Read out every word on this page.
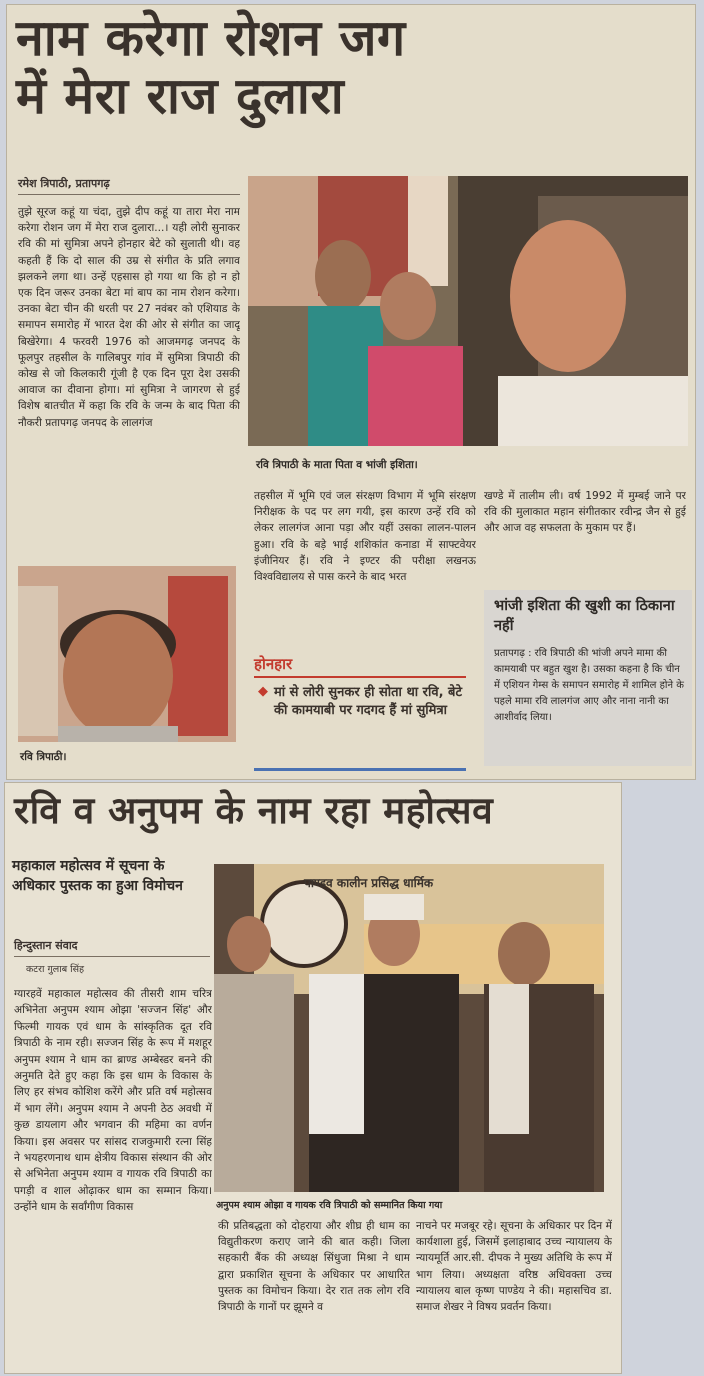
नाम करेगा रोशन जग
में मेरा राज दुलारा
रमेश त्रिपाठी, प्रतापगढ़
तुझे सूरज कहूं या चंदा, तुझे दीप कहूं या तारा मेरा नाम करेगा रोशन जग में मेरा राज दुलारा...। यही लोरी सुनाकर रवि की मां सुमित्रा अपने होनहार बेटे को सुलाती थी। वह कहती हैं कि दो साल की उम्र से संगीत के प्रति लगाव झलकने लगा था। उन्हें एहसास हो गया था कि हो न हो एक दिन जरूर उनका बेटा मां बाप का नाम रोशन करेगा। उनका बेटा चीन की धरती पर 27 नवंबर को एशियाड के समापन समारोह में भारत देश की ओर से संगीत का जादू बिखेरेगा। 4 फरवरी 1976 को आजमगढ़ जनपद के फूलपुर तहसील के गालिबपुर गांव में सुमित्रा त्रिपाठी की कोख से जो किलकारी गूंजी है एक दिन पूरा देश उसकी आवाज का दीवाना होगा। मां सुमित्रा ने जागरण से हुई विशेष बातचीत में कहा कि रवि के जन्म के बाद पिता की नौकरी प्रतापगढ़ जनपद के लालगंज
रवि त्रिपाठी के माता पिता व भांजी इशिता।
तहसील में भूमि एवं जल संरक्षण विभाग में भूमि संरक्षण निरीक्षक के पद पर लग गयी, इस कारण उन्हें रवि को लेकर लालगंज आना पड़ा और यहीं उसका लालन-पालन हुआ। रवि के बड़े भाई शशिकांत कनाडा में साफ्टवेयर इंजीनियर हैं। रवि ने इण्टर की परीक्षा लखनऊ विश्वविद्यालय से पास करने के बाद भरत
खण्डे में तालीम ली। वर्ष 1992 में मुम्बई जाने पर रवि की मुलाकात महान संगीतकार रवीन्द्र जैन से हुई और आज वह सफलता के मुकाम पर हैं।
रवि त्रिपाठी।
होनहार
◆ मां से लोरी सुनकर ही सोता था रवि, बेटे की कामयाबी पर गदगद हैं मां सुमित्रा
भांजी इशिता की खुशी का ठिकाना नहीं
प्रतापगढ़ : रवि त्रिपाठी की भांजी अपने मामा की कामयाबी पर बहुत खुश है। उसका कहना है कि चीन में एशियन गेम्स के समापन समारोह में शामिल होने के पहले मामा रवि लालगंज आए और नाना नानी का आशीर्वाद लिया।
रवि व अनुपम के नाम रहा महोत्सव
महाकाल महोत्सव में सूचना के अधिकार पुस्तक का हुआ विमोचन
हिन्दुस्तान संवाद
कटरा गुलाब सिंह
ग्यारहवें महाकाल महोत्सव की तीसरी शाम चरित्र अभिनेता अनुपम श्याम ओझा 'सज्जन सिंह' और फिल्मी गायक एवं धाम के सांस्कृतिक दूत रवि त्रिपाठी के नाम रही। सज्जन सिंह के रूप में मशहूर अनुपम श्याम ने धाम का ब्राण्ड अम्बेस्डर बनने की अनुमति देते हुए कहा कि इस धाम के विकास के लिए हर संभव कोशिश करेंगे और प्रति वर्ष महोत्सव में भाग लेंगे। अनुपम श्याम ने अपनी ठेठ अवधी में कुछ डायलाग और भगवान की महिमा का वर्णन किया। इस अवसर पर सांसद राजकुमारी रत्ना सिंह ने भयहरणनाथ धाम क्षेत्रीय विकास संस्थान की ओर से अभिनेता अनुपम श्याम व गायक रवि त्रिपाठी का पगड़ी व शाल ओढ़ाकर धाम का सम्मान किया। उन्होंने धाम के सर्वांगीण विकास
पाण्डव कालीन प्रसिद्ध धार्मिक
अनुपम श्याम ओझा व गायक रवि त्रिपाठी को सम्मानित किया गया
की प्रतिबद्धता को दोहराया और शीघ्र ही धाम का विद्युतीकरण कराए जाने की बात कही। जिला सहकारी बैंक की अध्यक्ष सिंधुजा मिश्रा ने धाम द्वारा प्रकाशित सूचना के अधिकार पर आधारित पुस्तक का विमोचन किया। देर रात तक लोग रवि त्रिपाठी के गानों पर झूमने व
नाचने पर मजबूर रहे। सूचना के अधिकार पर दिन में कार्यशाला हुई, जिसमें इलाहाबाद उच्च न्यायालय के न्यायमूर्ति आर.सी. दीपक ने मुख्य अतिथि के रूप में भाग लिया। अध्यक्षता वरिष्ठ अधिवक्ता उच्च न्यायालय बाल कृष्ण पाण्डेय ने की। महासचिव डा. समाज शेखर ने विषय प्रवर्तन किया।
